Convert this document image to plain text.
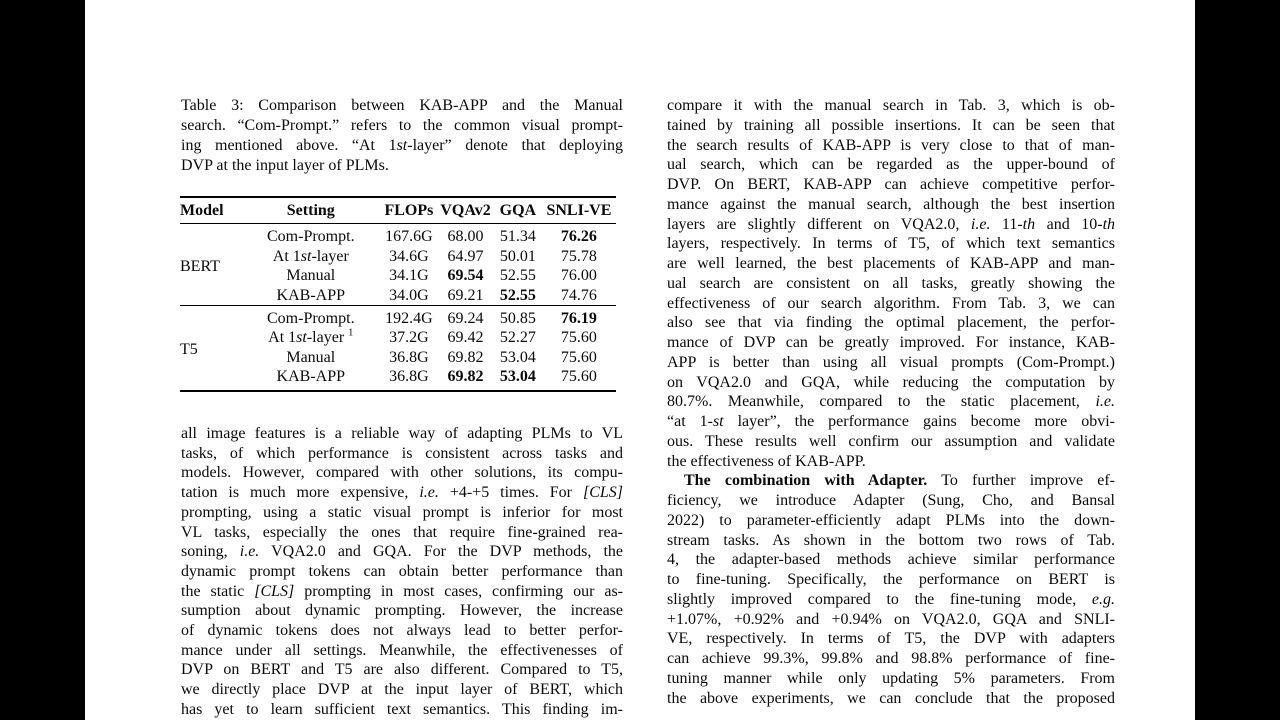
Table 3: Comparison between KAB-APP and the Manual
search. “Com-Prompt.” refers to the common visual prompt-
ing mentioned above. “At 1st-layer” denote that deploying
DVP at the input layer of PLMs.
Model	Setting	FLOPs	VQAv2	GQA	SNLI-VE
BERT	Com-Prompt.	167.6G	68.00	51.34	76.26
	At 1st-layer	34.6G	64.97	50.01	75.78
	Manual	34.1G	69.54	52.55	76.00
	KAB-APP	34.0G	69.21	52.55	74.76
T5	Com-Prompt.	192.4G	69.24	50.85	76.19
	At 1st-layer $^1$	37.2G	69.42	52.27	75.60
	Manual	36.8G	69.82	53.04	75.60
	KAB-APP	36.8G	69.82	53.04	75.60
all image features is a reliable way of adapting PLMs to VL
tasks, of which performance is consistent across tasks and
models. However, compared with other solutions, its compu-
tation is much more expensive, i.e. +4-+5 times. For [CLS]
prompting, using a static visual prompt is inferior for most
VL tasks, especially the ones that require fine-grained rea-
soning, i.e. VQA2.0 and GQA. For the DVP methods, the
dynamic prompt tokens can obtain better performance than
the static [CLS] prompting in most cases, confirming our as-
sumption about dynamic prompting. However, the increase
of dynamic tokens does not always lead to better perfor-
mance under all settings. Meanwhile, the effectivenesses of
DVP on BERT and T5 are also different. Compared to T5,
we directly place DVP at the input layer of BERT, which
has yet to learn sufficient text semantics. This finding im-
compare it with the manual search in Tab. 3, which is ob-
tained by training all possible insertions. It can be seen that
the search results of KAB-APP is very close to that of man-
ual search, which can be regarded as the upper-bound of
DVP. On BERT, KAB-APP can achieve competitive perfor-
mance against the manual search, although the best insertion
layers are slightly different on VQA2.0, i.e. 11-th and 10-th
layers, respectively. In terms of T5, of which text semantics
are well learned, the best placements of KAB-APP and man-
ual search are consistent on all tasks, greatly showing the
effectiveness of our search algorithm. From Tab. 3, we can
also see that via finding the optimal placement, the perfor-
mance of DVP can be greatly improved. For instance, KAB-
APP is better than using all visual prompts (Com-Prompt.)
on VQA2.0 and GQA, while reducing the computation by
80.7%. Meanwhile, compared to the static placement, i.e.
“at 1-st layer”, the performance gains become more obvi-
ous. These results well confirm our assumption and validate
the effectiveness of KAB-APP.
The combination with Adapter. To further improve ef-
ficiency, we introduce Adapter (Sung, Cho, and Bansal
2022) to parameter-efficiently adapt PLMs into the down-
stream tasks. As shown in the bottom two rows of Tab.
4, the adapter-based methods achieve similar performance
to fine-tuning. Specifically, the performance on BERT is
slightly improved compared to the fine-tuning mode, e.g.
+1.07%, +0.92% and +0.94% on VQA2.0, GQA and SNLI-
VE, respectively. In terms of T5, the DVP with adapters
can achieve 99.3%, 99.8% and 98.8% performance of fine-
tuning manner while only updating 5% parameters. From
the above experiments, we can conclude that the proposed
